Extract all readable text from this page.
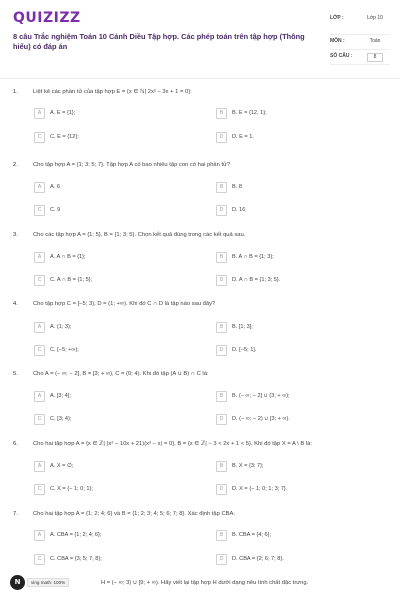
QUIZIZZ
8 câu Trắc nghiệm Toán 10 Cánh Diều Tập hợp. Các phép toán trên tập hợp (Thông hiểu) có đáp án
LỚP :	Lớp 10
MÔN :	Toán
SỐ CÂU :	8
1.	Liệt kê các phần tử của tập hợp E = {x ∈ ℕ| 2x² − 3x + 1 = 0}:
A	A. E = {1};	B	B. E = {12, 1};
C	C. E = {12};	D	D. E = 1.
2.	Cho tập hợp A = {1; 3; 5; 7}. Tập hợp A có bao nhiêu tập con có hai phần tử?
A	A. 6	B	B. 8
C	C. 9	D	D. 16
3.	Cho các tập hợp A = {1; 5}, B = {1; 3; 5}. Chọn kết quả đúng trong các kết quả sau.
A	A. A ∩ B = {1};	B	B. A ∩ B = {1; 3};
C	C. A ∩ B = {1; 5};	D	D. A ∩ B = {1; 3; 5}.
4.	Cho tập hợp C = [−5; 3), D = (1; +∞). Khi đó C ∩ D là tập nào sau đây?
A	A. (1; 3);	B	B. [1; 3];
C	C. [−5; +∞);	D	D. [−5; 1].
5.	Cho A = (− ∞; − 2], B = [3; + ∞), C = (0; 4). Khi đó tập (A ∪ B) ∩ C là:
A	A. [3; 4];	B	B. (− ∞; − 2] ∪ (3; + ∞);
C	C. [3; 4);	D	D. (− ∞; − 2) ∪ [3; + ∞).
6.	Cho hai tập hợp A = {x ∈ ℤ| (x² − 10x + 21)(x³ − x) = 0}, B = {x ∈ ℤ| − 3 < 2x + 1 < 5}. Khi đó tập X = A \ B là:
A	A. X = ∅;	B	B. X = {3; 7};
C	C. X = {− 1; 0; 1};	D	D. X = {− 1; 0; 1; 3; 7}.
7.	Cho hai tập hợp A = {1; 2; 4; 6} và B = {1; 2; 3; 4; 5; 6; 7; 8}. Xác định tập CBA.
A	A. CBA = {1; 2; 4; 6};	B	B. CBA = {4; 6};
C	C. CBA = {3; 5; 7; 8};	D	D. CBA = {2; 6; 7; 8}.
H = (− ∞; 3) ∪ [9; + ∞). Hãy viết lại tập hợp H dưới dạng nêu tính chất đặc trưng.
N	ving math: 100%
